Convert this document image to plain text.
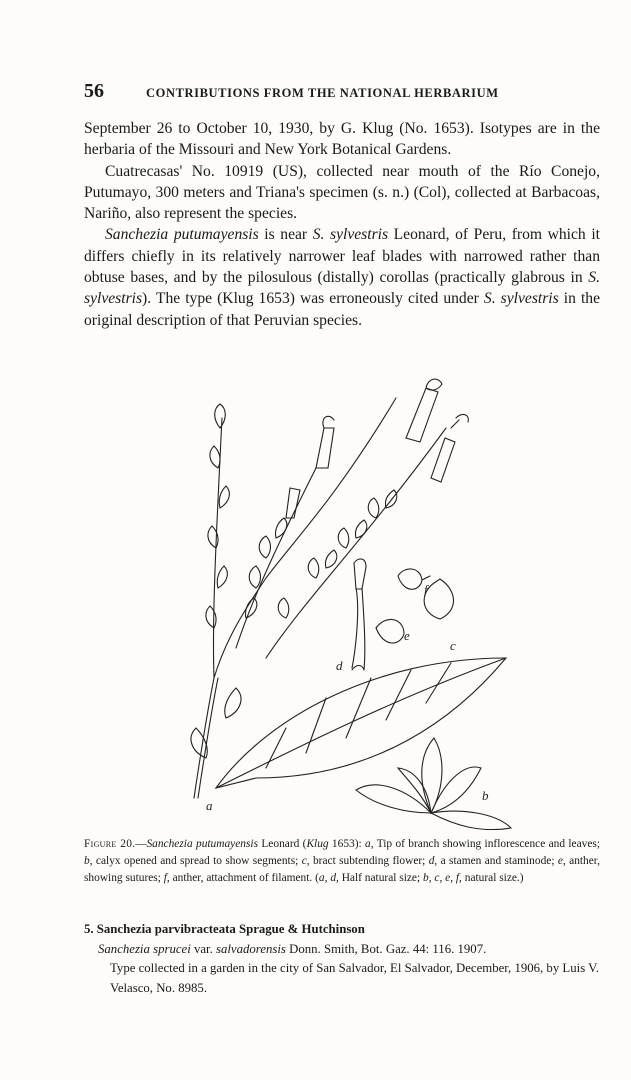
56	CONTRIBUTIONS FROM THE NATIONAL HERBARIUM

September 26 to October 10, 1930, by G. Klug (No. 1653). Isotypes are in the herbaria of the Missouri and New York Botanical Gardens.

Cuatrecasas' No. 10919 (US), collected near mouth of the Río Conejo, Putumayo, 300 meters and Triana's specimen (s. n.) (Col), collected at Barbacoas, Nariño, also represent the species.

Sanchezia putumayensis is near S. sylvestris Leonard, of Peru, from which it differs chiefly in its relatively narrower leaf blades with narrowed rather than obtuse bases, and by the pilosulous (distally) corollas (practically glabrous in S. sylvestris). The type (Klug 1653) was erroneously cited under S. sylvestris in the original description of that Peruvian species.

a
b
c
d
e
f
Figure 20.—Sanchezia putumayensis Leonard (Klug 1653): a, Tip of branch showing inflorescence and leaves; b, calyx opened and spread to show segments; c, bract subtending flower; d, a stamen and staminode; e, anther, showing sutures; f, anther, attachment of filament. (a, d, Half natural size; b, c, e, f, natural size.)
5. Sanchezia parvibracteata Sprague & Hutchinson
Sanchezia sprucei var. salvadorensis Donn. Smith, Bot. Gaz. 44: 116. 1907.
Type collected in a garden in the city of San Salvador, El Salvador, December, 1906, by Luis V. Velasco, No. 8985.
